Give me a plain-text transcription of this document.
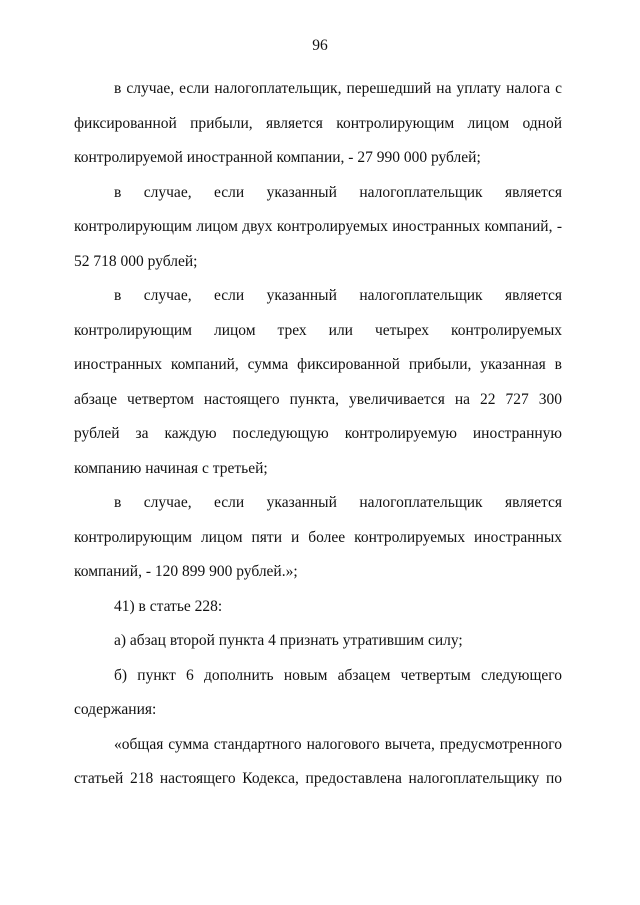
96

в случае, если налогоплательщик, перешедший на уплату налога с фиксированной прибыли, является контролирующим лицом одной контролируемой иностранной компании, - 27 990 000 рублей;

в случае, если указанный налогоплательщик является контролирующим лицом двух контролируемых иностранных компаний, - 52 718 000 рублей;

в случае, если указанный налогоплательщик является контролирующим лицом трех или четырех контролируемых иностранных компаний, сумма фиксированной прибыли, указанная в абзаце четвертом настоящего пункта, увеличивается на 22 727 300 рублей за каждую последующую контролируемую иностранную компанию начиная с третьей;

в случае, если указанный налогоплательщик является контролирующим лицом пяти и более контролируемых иностранных компаний, - 120 899 900 рублей.»;

41) в статье 228:

а) абзац второй пункта 4 признать утратившим силу;

б) пункт 6 дополнить новым абзацем четвертым следующего содержания:

«общая сумма стандартного налогового вычета, предусмотренного статьей 218 настоящего Кодекса, предоставлена налогоплательщику по
